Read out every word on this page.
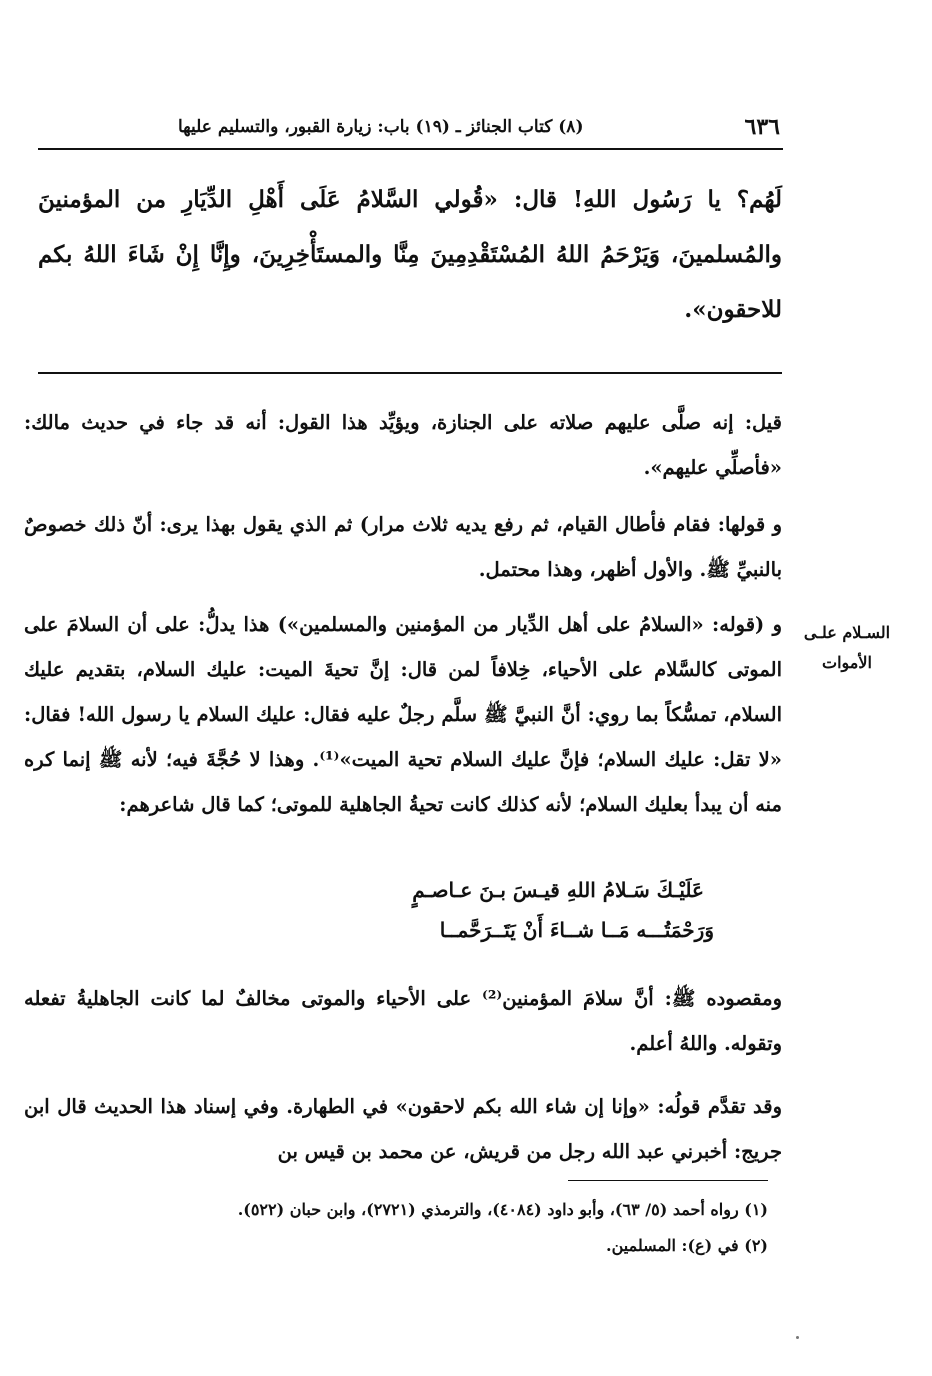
(٨) كتاب الجنائز ـ (١٩) باب: زيارة القبور، والتسليم عليها	٦٣٦
لَهُم؟ يا رَسُول اللهِ! قال: «قُولي السَّلامُ عَلَى أَهْلِ الدِّيَارِ من المؤمنينَ والمُسلمينَ، وَيَرْحَمُ اللهُ المُسْتَقْدِمِينَ مِنَّا والمستَأْخِرِينَ، وإِنَّا إِنْ شَاءَ اللهُ بكم للاحقون».
قيل: إنه صلَّى عليهم صلاته على الجنازة، ويؤيِّد هذا القول: أنه قد جاء في حديث مالك: «فأصلِّي عليهم».
و قولها: فقام فأطال القيام، ثم رفع يديه ثلاث مرار) ثم الذي يقول بهذا يرى: أنّ ذلك خصوصٌ بالنبيِّ ﷺ. والأول أظهر، وهذا محتمل.
السـلام علـى
الأموات
و (قوله: «السلامُ على أهل الدِّيار من المؤمنين والمسلمين») هذا يدلُّ: على أن السلامَ على الموتى كالسَّلام على الأحياء، خِلافاً لمن قال: إنَّ تحيةَ الميت: عليك السلام، بتقديم عليك السلام، تمسُّكاً بما روي: أنَّ النبيَّ ﷺ سلَّم رجلٌ عليه فقال: عليك السلام يا رسول الله! فقال: «لا تقل: عليك السلام؛ فإنَّ عليك السلام تحية الميت»⁽¹⁾. وهذا لا حُجَّةَ فيه؛ لأنه ﷺ إنما كره منه أن يبدأ بعليك السلام؛ لأنه كذلك كانت تحيةُ الجاهلية للموتى؛ كما قال شاعرهم:
عَلَيْـكَ سَـلامُ اللهِ قيـسَ بـنَ عـاصـمٍ
وَرَحْمَتُـــه مَــا شــاءَ أَنْ يَتَــرَحَّمــا
ومقصوده ﷺ: أنَّ سلامَ المؤمنين⁽²⁾ على الأحياء والموتى مخالفٌ لما كانت الجاهليةُ تفعله وتقوله. واللهُ أعلم.
وقد تقدَّم قولُه: «وإنا إن شاء الله بكم لاحقون» في الطهارة. وفي إسناد هذا الحديث قال ابن جريج: أخبرني عبد الله رجل من قريش، عن محمد بن قيس بن
(١) رواه أحمد (٥/ ٦٣)، وأبو داود (٤٠٨٤)، والترمذي (٢٧٢١)، وابن حبان (٥٢٢).
(٢) في (ع): المسلمين.
